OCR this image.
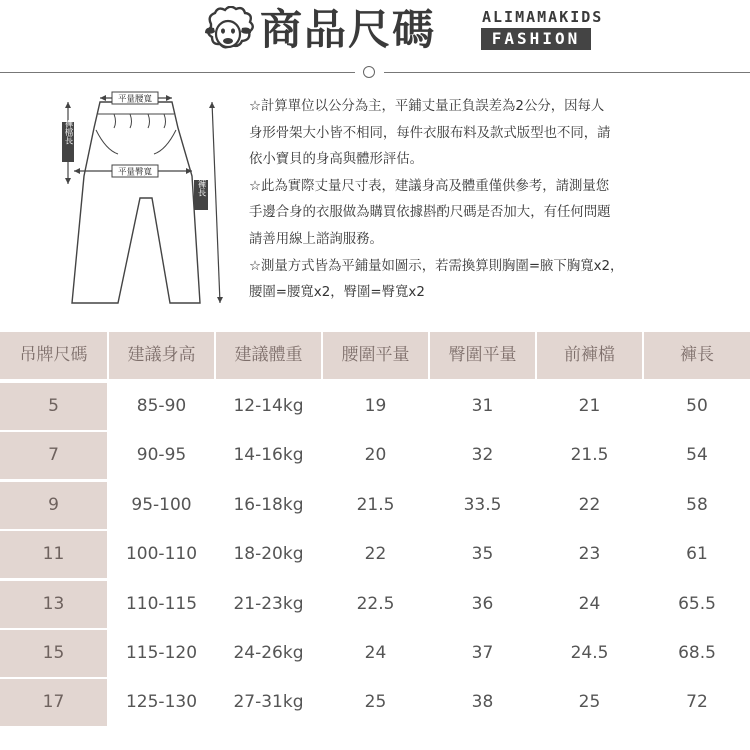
商品尺碼	ALIMAMAKIDS
FASHION
平量腰寬
平量臀寬
褲檔長
褲長
☆計算單位以公分為主，平鋪丈量正負誤差為2公分，因每人
身形骨架大小皆不相同，每件衣服布料及款式版型也不同，請
依小寶貝的身高與體形評估。
☆此為實際丈量尺寸表，建議身高及體重僅供參考，請測量您
手邊合身的衣服做為購買依據斟酌尺碼是否加大，有任何問題
請善用線上諮詢服務。
☆測量方式皆為平鋪量如圖示，若需換算則胸圍=腋下胸寬x2，
腰圍=腰寬x2，臀圍=臀寬x2
吊牌尺碼	建議身高	建議體重	腰圍平量	臀圍平量	前褲檔	褲長
5	85-90	12-14kg	19	31	21	50
7	90-95	14-16kg	20	32	21.5	54
9	95-100	16-18kg	21.5	33.5	22	58
11	100-110	18-20kg	22	35	23	61
13	110-115	21-23kg	22.5	36	24	65.5
15	115-120	24-26kg	24	37	24.5	68.5
17	125-130	27-31kg	25	38	25	72
